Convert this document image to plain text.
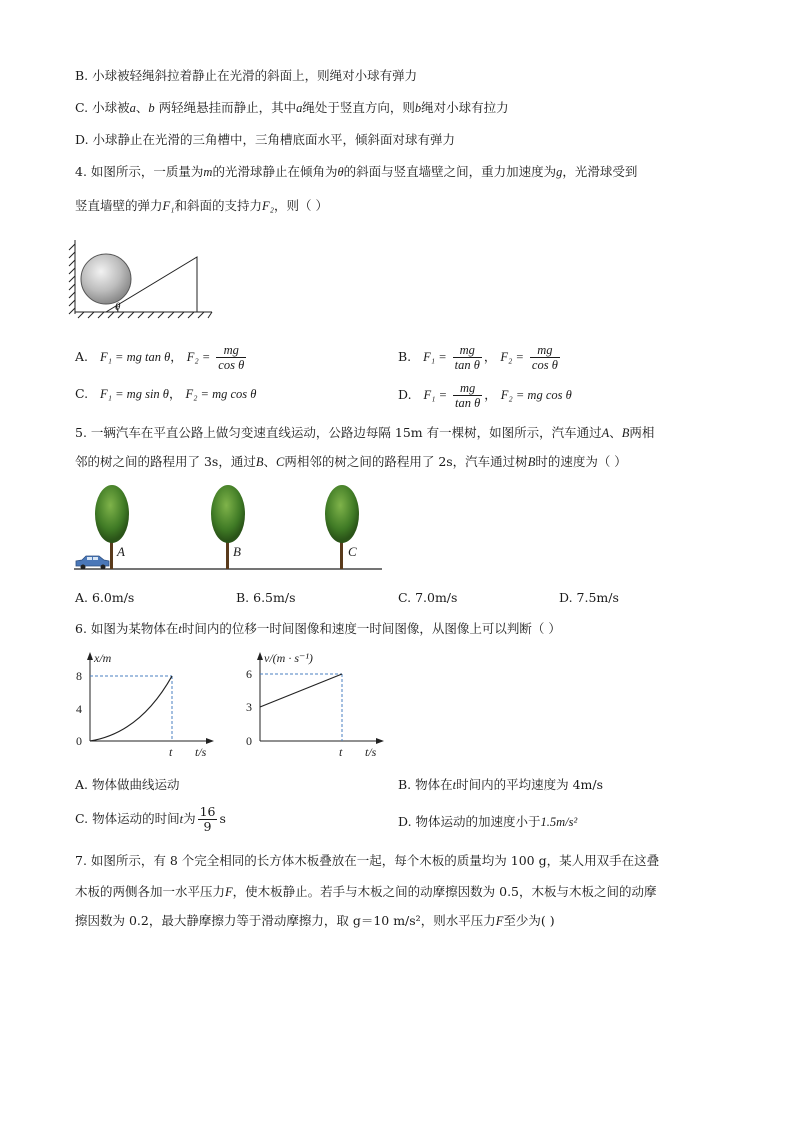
B. 小球被轻绳斜拉着静止在光滑的斜面上，则绳对小球有弹力
C. 小球被a、b 两轻绳悬挂而静止，其中a绳处于竖直方向，则b绳对小球有拉力
D. 小球静止在光滑的三角槽中，三角槽底面水平，倾斜面对球有弹力
4. 如图所示，一质量为m的光滑球静止在倾角为θ的斜面与竖直墙壁之间，重力加速度为g，光滑球受到
竖直墙壁的弹力F₁和斜面的支持力F₂，则（ ）
θ
A. F₁ = mg tan θ， $F_2 = \frac{mg}{\text{cos θ}}$	B. $F_1 = \frac{mg}{\text{tan θ}}$ ， $F_2 = \frac{mg}{\text{cos θ}}$
C. F₁ = mg sin θ， F₂ = mg cos θ	D. $F_1 = \frac{mg}{\text{tan θ}}$ ， F₂ = mg cos θ
5. 一辆汽车在平直公路上做匀变速直线运动，公路边每隔 15m 有一棵树，如图所示，汽车通过A、B两相
邻的树之间的路程用了 3s，通过B、C两相邻的树之间的路程用了 2s，汽车通过树B时的速度为（ ）
A	B	C
A. 6.0m/s	B. 6.5m/s	C. 7.0m/s	D. 7.5m/s
6. 如图为某物体在t时间内的位移一时间图像和速度一时间图像，从图像上可以判断（ ）
x/m
t/s
8
4
0
t
v/(m · s⁻¹)
t/s
6
3
0
t
A. 物体做曲线运动	B. 物体在t时间内的平均速度为 4m/s
C. 物体运动的时间t为 $\frac{16}{9}$ s	D. 物体运动的加速度小于1.5m/s²
7. 如图所示，有 8 个完全相同的长方体木板叠放在一起，每个木板的质量均为 100 g，某人用双手在这叠
木板的两侧各加一水平压力F，使木板静止。若手与木板之间的动摩擦因数为 0.5，木板与木板之间的动摩
擦因数为 0.2，最大静摩擦力等于滑动摩擦力，取 g＝10 m/s²，则水平压力F至少为( )
